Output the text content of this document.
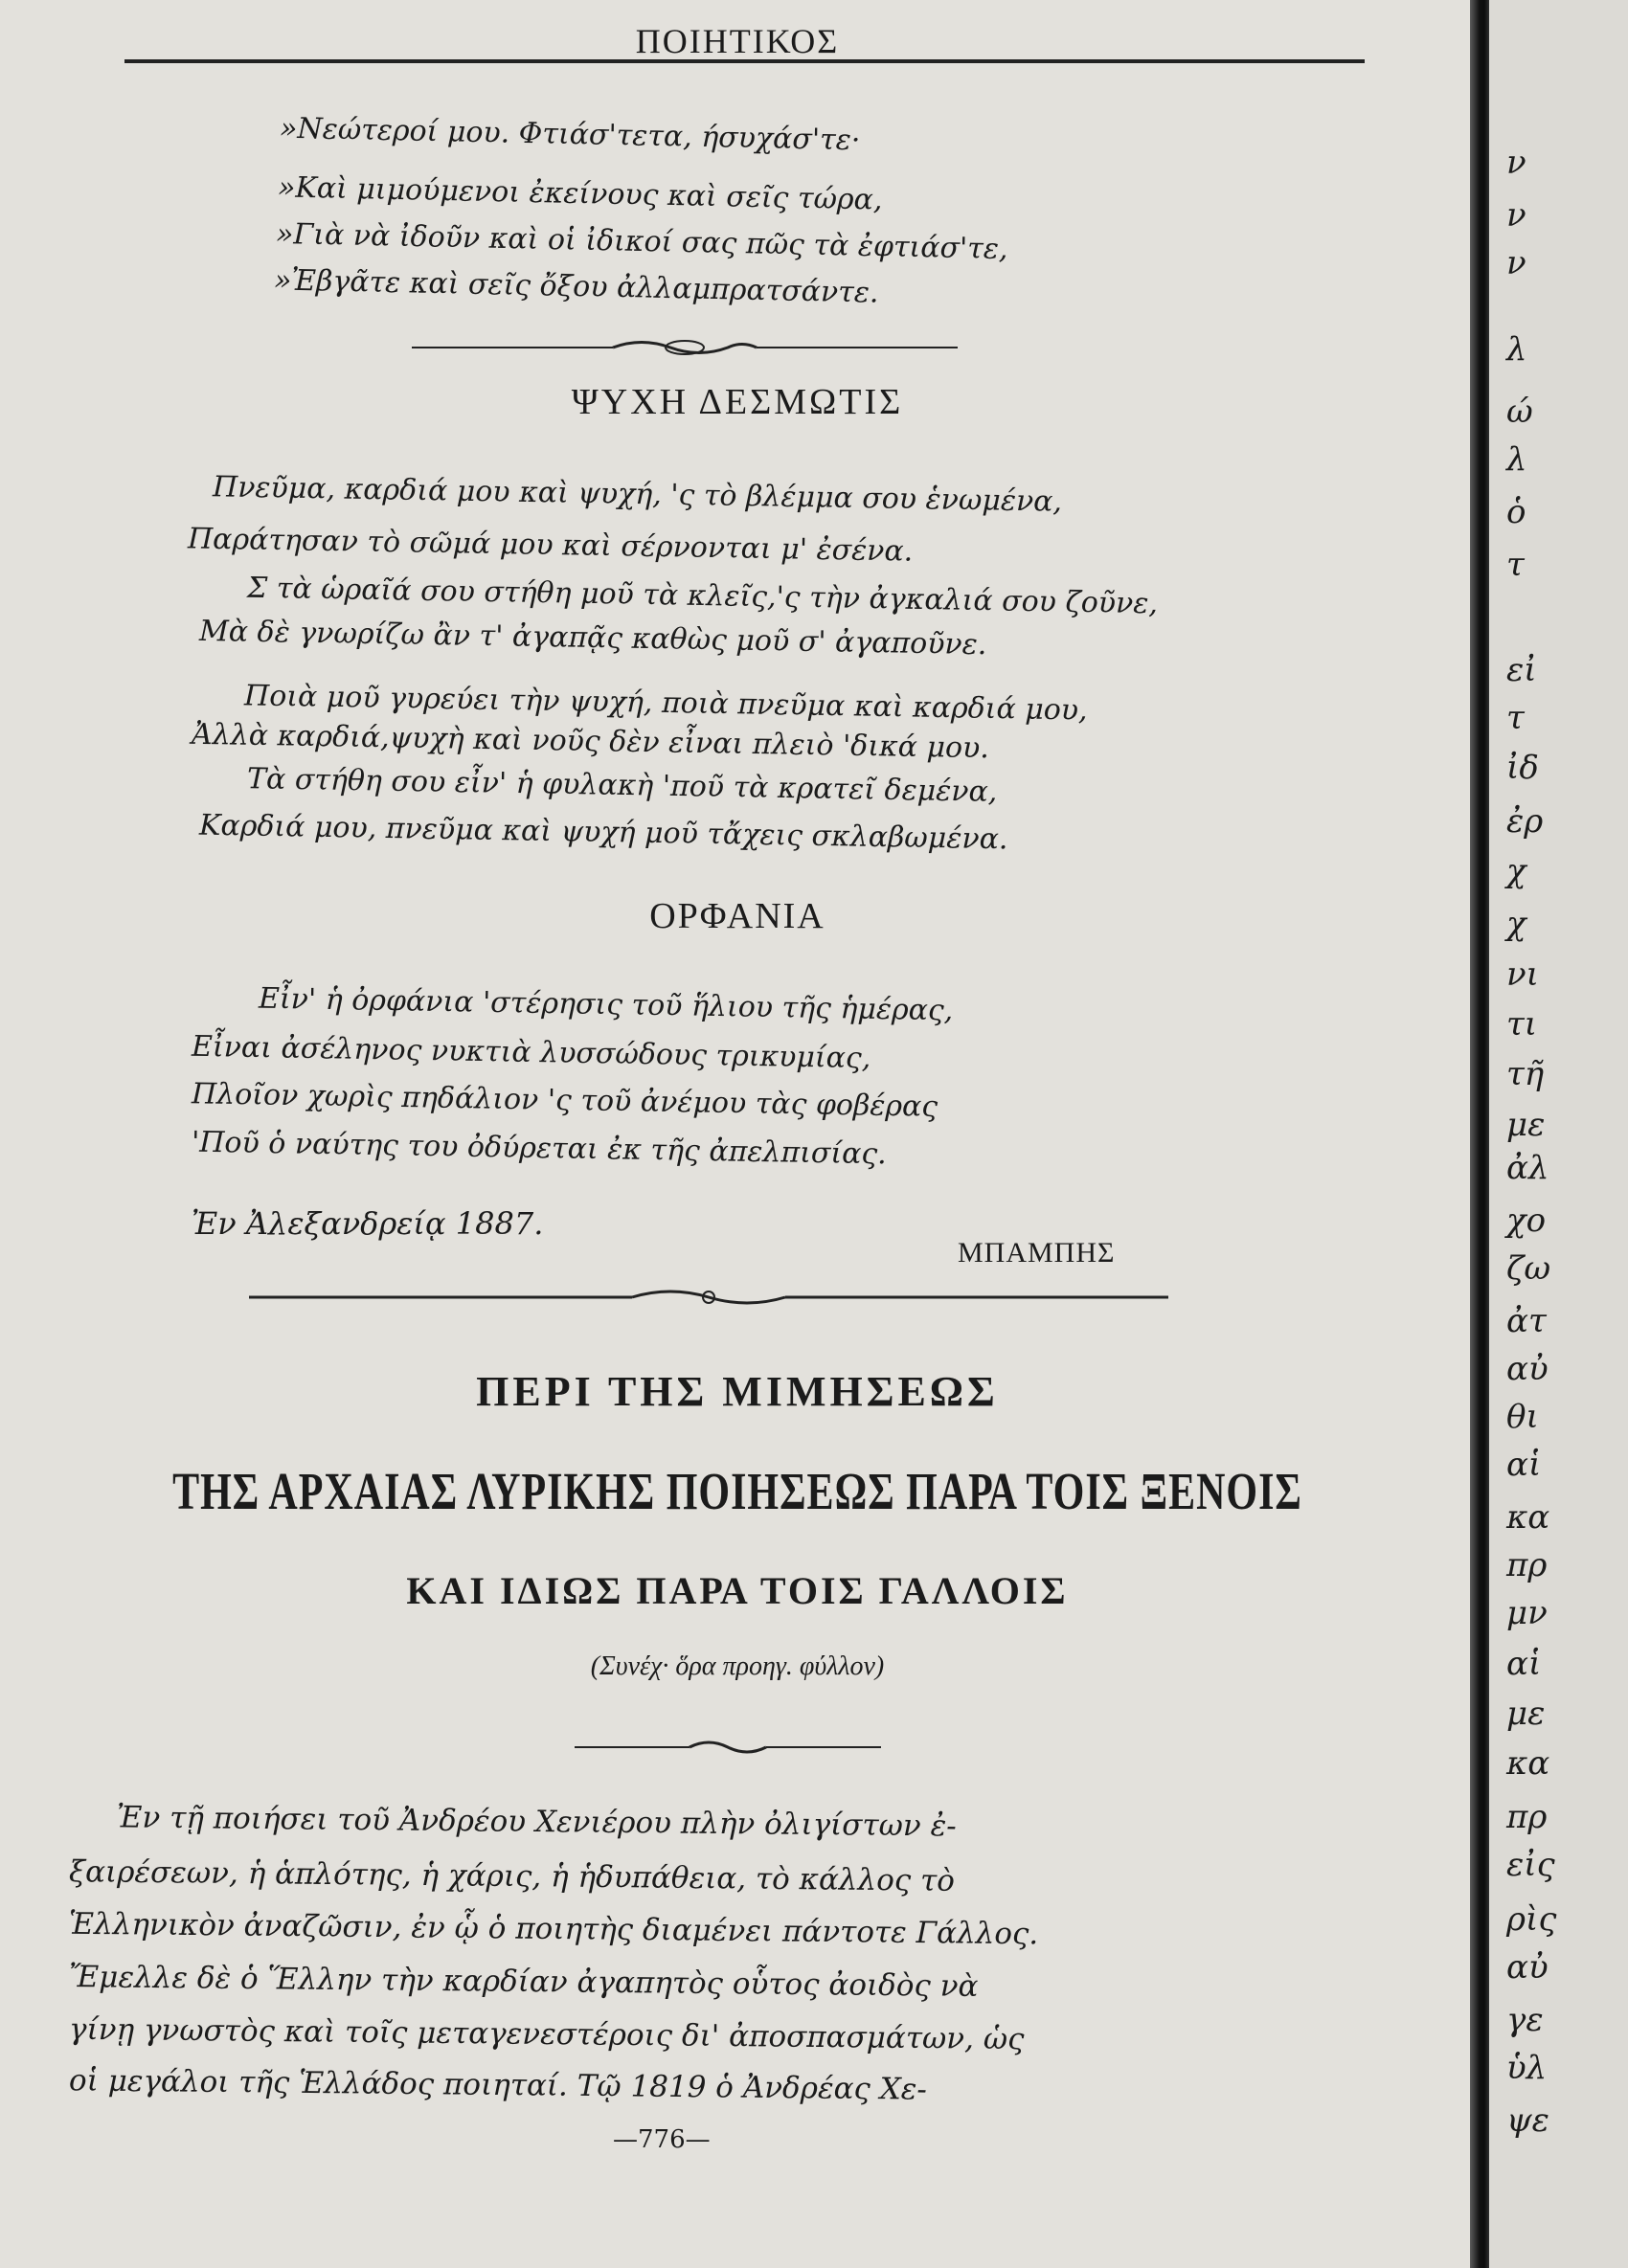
ΠΟΙΗΤΙΚΟΣ
»Νεώτεροί μου. Φτιάσ'τετα, ήσυχάσ'τε·
»Καὶ μιμούμενοι ἐκείνους καὶ σεῖς τώρα,
»Γιὰ νὰ ἰδοῦν καὶ οἱ ἰδικοί σας πῶς τὰ ἐφτιάσ'τε,
»Ἐβγᾶτε καὶ σεῖς ὄξου ἀλλαμπρατσάντε.
ΨΥΧΗ ΔΕΣΜΩΤΙΣ
Πνεῦμα, καρδιά μου καὶ ψυχή, 'ς τὸ βλέμμα σου ἑνωμένα,
Παράτησαν τὸ σῶμά μου καὶ σέρνονται μ' ἐσένα.
Σ τὰ ὡραῖά σου στήθη μοῦ τὰ κλεῖς,'ς τὴν ἀγκαλιά σου ζοῦνε,
Μὰ δὲ γνωρίζω ἂν τ' ἀγαπᾷς καθὼς μοῦ σ' ἀγαποῦνε.
Ποιὰ μοῦ γυρεύει τὴν ψυχή, ποιὰ πνεῦμα καὶ καρδιά μου,
Ἀλλὰ καρδιά,ψυχὴ καὶ νοῦς δὲν εἶναι πλειὸ 'δικά μου.
Τὰ στήθη σου εἶν' ἡ φυλακὴ 'ποῦ τὰ κρατεῖ δεμένα,
Καρδιά μου, πνεῦμα καὶ ψυχή μοῦ τἄχεις σκλαβωμένα.
ΟΡΦΑΝΙΑ
Εἶν' ἡ ὀρφάνια 'στέρησις τοῦ ἥλιου τῆς ἡμέρας,
Εἶναι ἀσέληνος νυκτιὰ λυσσώδους τρικυμίας,
Πλοῖον χωρὶς πηδάλιον 'ς τοῦ ἀνέμου τὰς φοβέρας
'Ποῦ ὁ ναύτης του ὀδύρεται ἐκ τῆς ἀπελπισίας.
Ἐν Ἀλεξανδρείᾳ 1887.
ΜΠΑΜΠΗΣ
ΠΕΡΙ ΤΗΣ ΜΙΜΗΣΕΩΣ
ΤΗΣ ΑΡΧΑΙΑΣ ΛΥΡΙΚΗΣ ΠΟΙΗΣΕΩΣ ΠΑΡΑ ΤΟΙΣ ΞΕΝΟΙΣ
ΚΑΙ ΙΔΙΩΣ ΠΑΡΑ ΤΟΙΣ ΓΑΛΛΟΙΣ
(Συνέχ· ὅρα προηγ. φύλλον)
Ἐν τῇ ποιήσει τοῦ Ἀνδρέου Χενιέρου πλὴν ὀλιγίστων ἐ-
ξαιρέσεων, ἡ ἁπλότης, ἡ χάρις, ἡ ἡδυπάθεια, τὸ κάλλος τὸ
Ἑλληνικὸν ἀναζῶσιν, ἐν ᾧ ὁ ποιητὴς διαμένει πάντοτε Γάλλος.
Ἔμελλε δὲ ὁ Ἕλλην τὴν καρδίαν ἀγαπητὸς οὗτος ἀοιδὸς νὰ
γίνῃ γνωστὸς καὶ τοῖς μεταγενεστέροις δι' ἀποσπασμάτων, ὡς
οἱ μεγάλοι τῆς Ἑλλάδος ποιηταί. Τῷ 1819 ὁ Ἀνδρέας Χε-
—776—
ν
ν
ν
λ
ώ
λ
ὁ
τ
εἰ
τ
ἰδ
ἐρ
χ
χ
νι
τι
τῆ
με
ἀλ
χο
ζω
ἀτ
αὐ
θι
αἱ
κα
πρ
μν
αἱ
με
κα
πρ
εἰς
ρὶς
αὐ
γε
ὑλ
ψε
